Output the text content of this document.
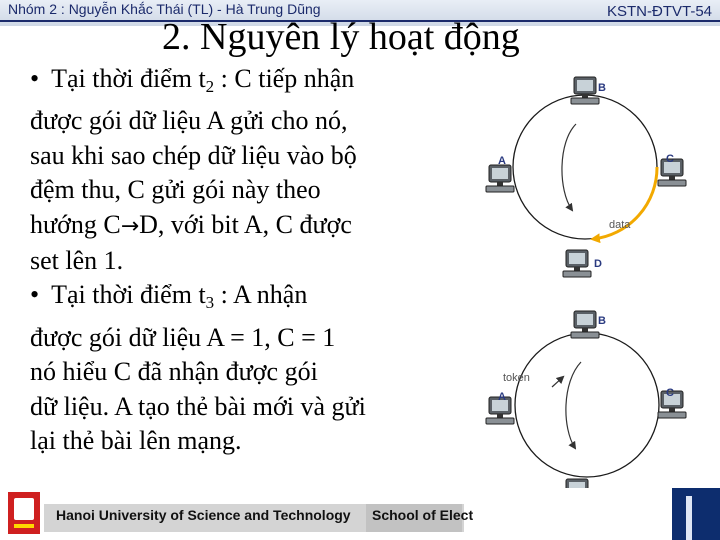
Nhóm 2 : Nguyễn Khắc Thái (TL) - Hà Trung Dũng	KSTN-ĐTVT-54
2. Nguyên lý hoạt động
• Tại thời điểm $t_2$ : C tiếp nhận
được gói dữ liệu A gửi cho nó,
sau khi sao chép dữ liệu vào bộ
đệm thu, C gửi gói này theo
hướng C→D, với bit A, C được
set lên 1.
• Tại thời điểm $t_3$ : A nhận
được gói dữ liệu A = 1, C = 1
nó hiểu C đã nhận được gói
dữ liệu. A tạo thẻ bài mới và gửi
lại thẻ bài lên mạng.
B
A	C
D
data
B
A	C
token
Hanoi University of Science and Technology School of Elect
